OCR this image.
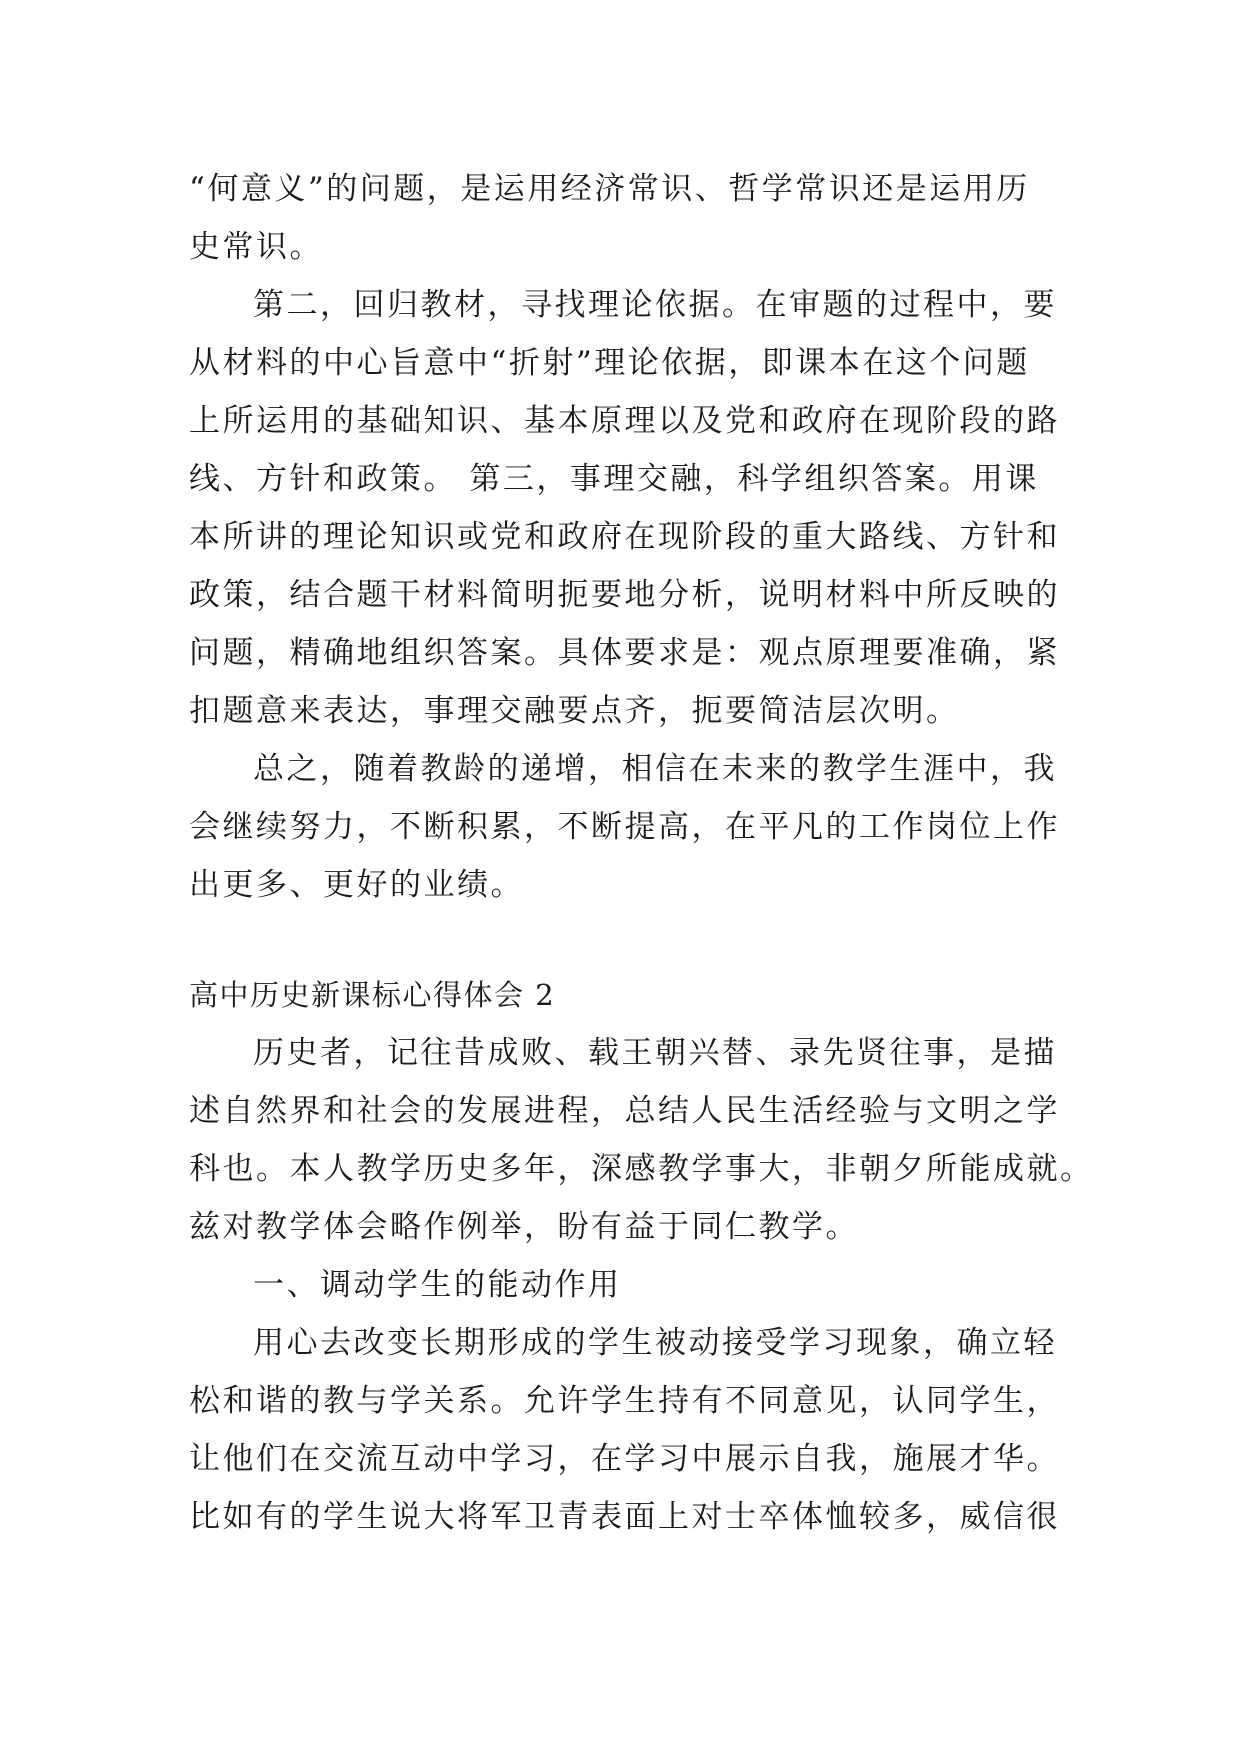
“何意义”的问题，是运用经济常识、哲学常识还是运用历
史常识。
第二，回归教材，寻找理论依据。在审题的过程中，要
从材料的中心旨意中“折射”理论依据，即课本在这个问题
上所运用的基础知识、基本原理以及党和政府在现阶段的路
线、方针和政策。 第三，事理交融，科学组织答案。用课
本所讲的理论知识或党和政府在现阶段的重大路线、方针和
政策，结合题干材料简明扼要地分析，说明材料中所反映的
问题，精确地组织答案。具体要求是：观点原理要准确，紧
扣题意来表达，事理交融要点齐，扼要简洁层次明。
总之，随着教龄的递增，相信在未来的教学生涯中，我
会继续努力，不断积累，不断提高，在平凡的工作岗位上作
出更多、更好的业绩。
高中历史新课标心得体会 2
历史者，记往昔成败、载王朝兴替、录先贤往事，是描
述自然界和社会的发展进程，总结人民生活经验与文明之学
科也。本人教学历史多年，深感教学事大，非朝夕所能成就。
兹对教学体会略作例举，盼有益于同仁教学。
一、调动学生的能动作用
用心去改变长期形成的学生被动接受学习现象，确立轻
松和谐的教与学关系。允许学生持有不同意见，认同学生，
让他们在交流互动中学习，在学习中展示自我，施展才华。
比如有的学生说大将军卫青表面上对士卒体恤较多，威信很
